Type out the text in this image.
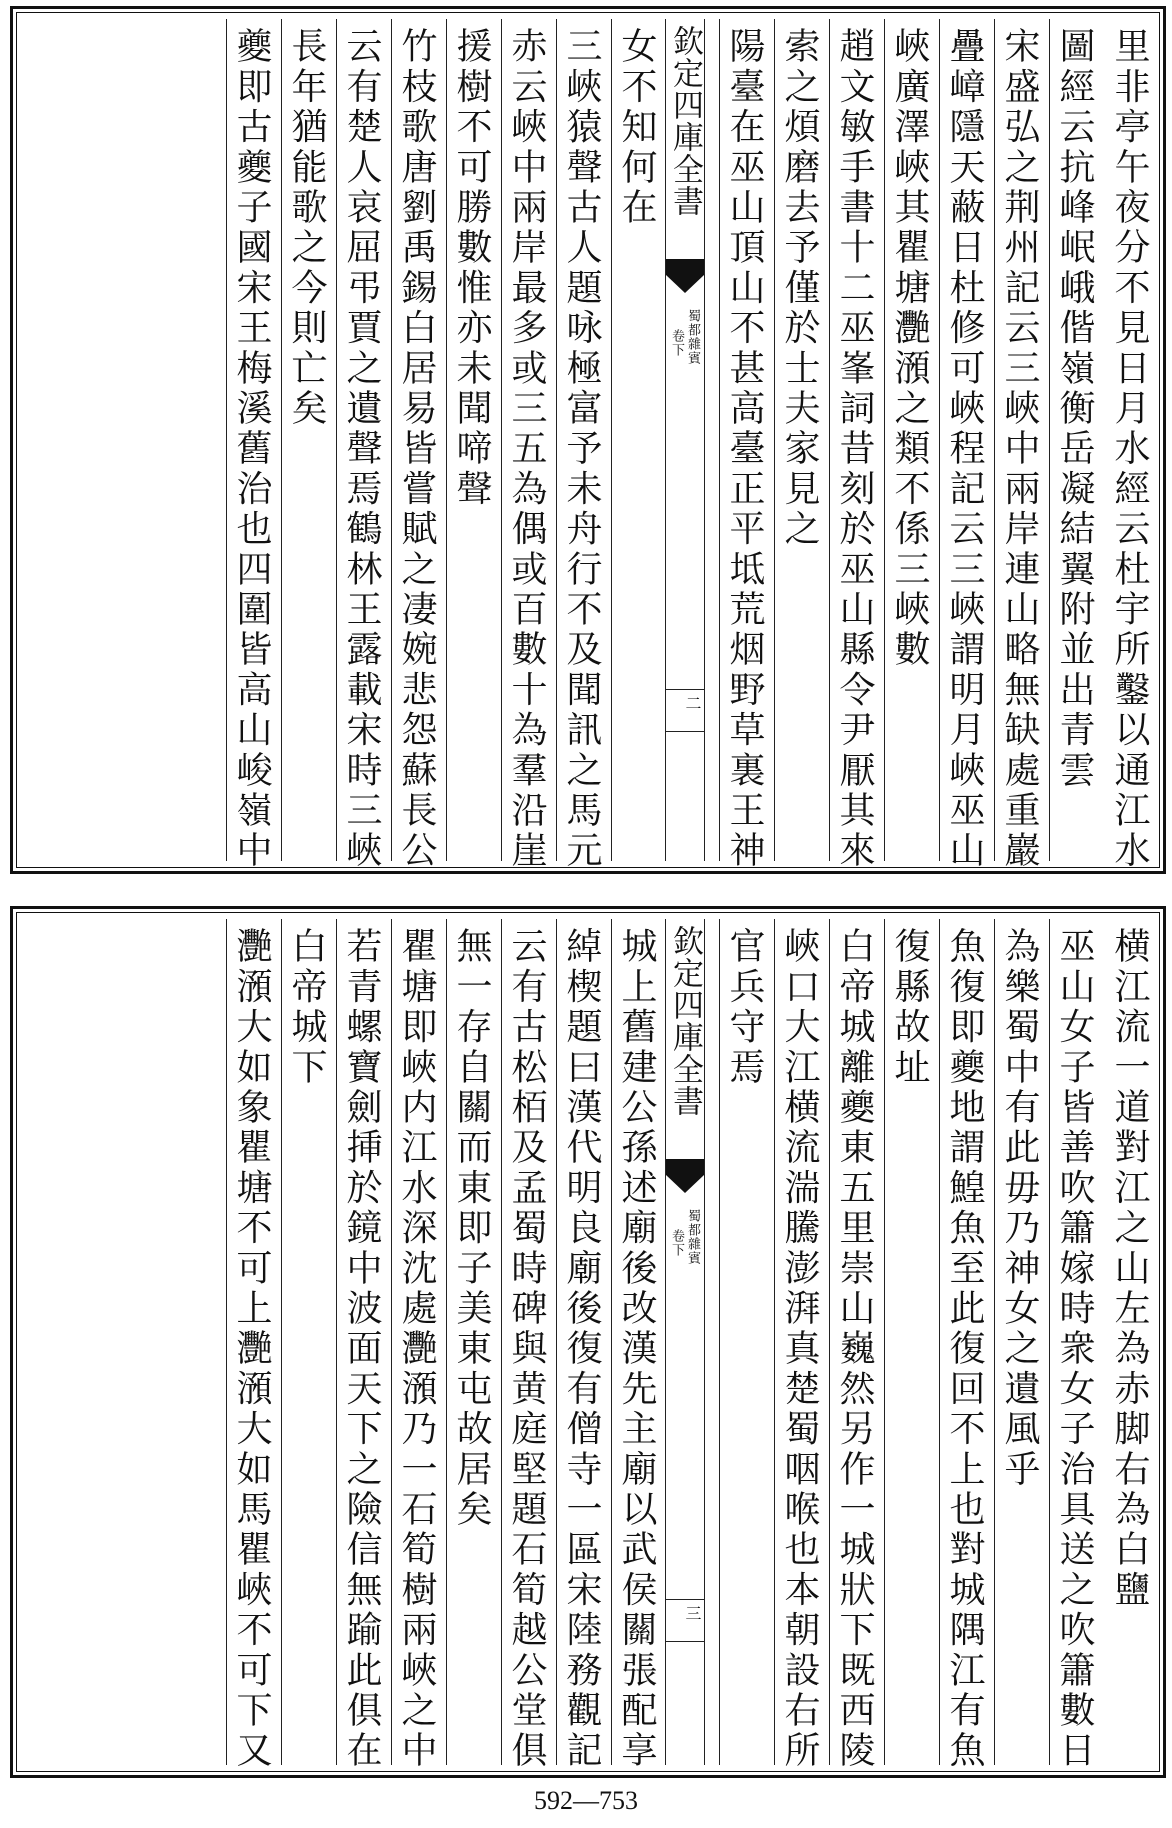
里非亭午夜分不見日月水經云杜宇所鑿以通江水
圖經云抗峰岷峨偕嶺衡岳凝結翼附並出青雲
宋盛弘之荆州記云三峽中兩岸連山略無缺處重巖
疊嶂隱天蔽日杜修可峽程記云三峽謂明月峽巫山
峽廣澤峽其瞿塘灧澦之類不係三峽數
趙文敏手書十二巫峯詞昔刻於巫山縣令尹厭其來
索之煩磨去予僅於士夫家見之
陽臺在巫山頂山不甚高臺正平坻荒烟野草裏王神
欽定四庫全書
蜀都雜賓
卷下
二
女不知何在
三峽猿聲古人題咏極富予未舟行不及聞訊之馬元
赤云峽中兩岸最多或三五為偶或百數十為羣沿崖
援樹不可勝數惟亦未聞啼聲
竹枝歌唐劉禹錫白居易皆嘗賦之凄婉悲怨蘇長公
云有楚人哀屈弔賈之遺聲焉鶴林王露載宋時三峽
長年猶能歌之今則亡矣
夔即古夔子國宋王梅溪舊治也四圍皆高山峻嶺中
横江流一道對江之山左為赤脚右為白鹽
巫山女子皆善吹簫嫁時衆女子治具送之吹簫數日
為樂蜀中有此毋乃神女之遺風乎
魚復即夔地謂鰉魚至此復回不上也對城隅江有魚
復縣故址
白帝城離夔東五里崇山巍然另作一城狀下既西陵
峽口大江横流湍騰澎湃真楚蜀咽喉也本朝設右所
官兵守焉
欽定四庫全書
蜀都雜賓
卷下
三
城上舊建公孫述廟後改漢先主廟以武侯關張配享
綽楔題曰漢代明良廟後復有僧寺一區宋陸務觀記
云有古松栢及孟蜀時碑與黄庭堅題石筍越公堂俱
無一存自關而東即子美東屯故居矣
瞿塘即峽内江水深沈處灧澦乃一石筍樹兩峽之中
若青螺寶劍挿於鏡中波面天下之險信無踰此俱在
白帝城下
灧澦大如象瞿塘不可上灧澦大如馬瞿峽不可下又
592—753
